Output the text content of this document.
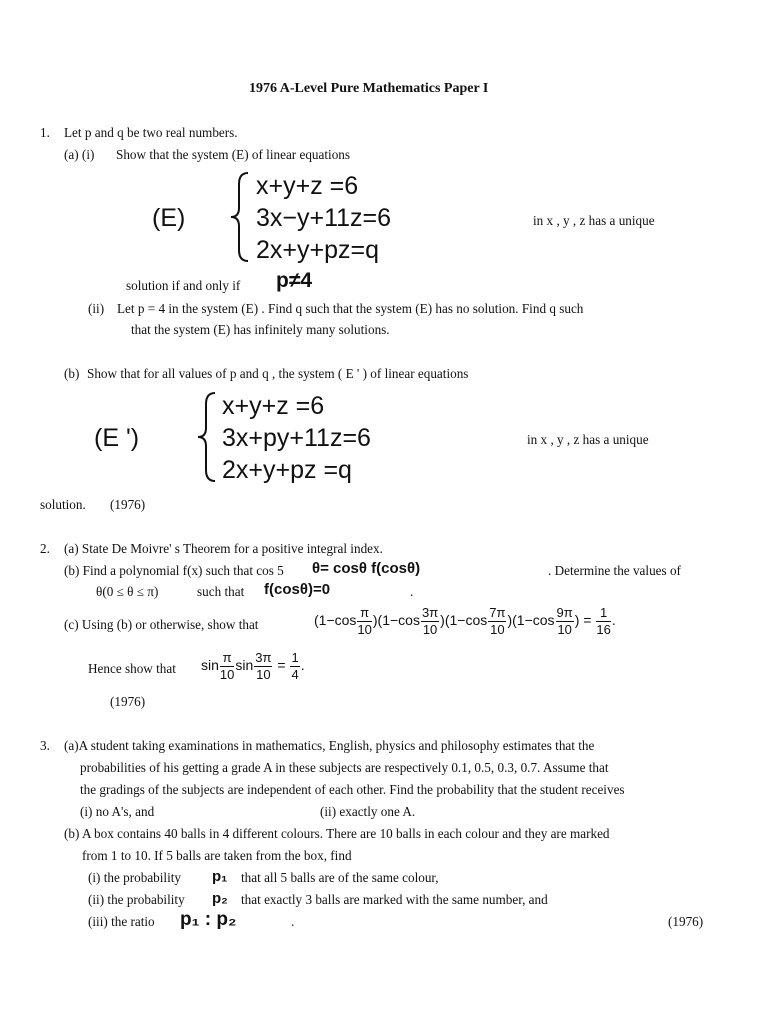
1976 A-Level Pure Mathematics Paper I
1. Let p and q be two real numbers.
(a) (i) Show that the system (E) of linear equations
(E)
x+y+z =6
3x−y+11z=6
2x+y+pz=q
in x , y , z has a unique
solution if and only if p≠4
(ii) Let p = 4 in the system (E) . Find q such that the system (E) has no solution. Find q such
that the system (E) has infinitely many solutions.
(b) Show that for all values of p and q , the system ( E ' ) of linear equations
(E ')
x+y+z =6
3x+py+11z=6
2x+y+pz =q
in x , y , z has a unique
solution. (1976)
2. (a) State De Moivre' s Theorem for a positive integral index.
(b) Find a polynomial f(x) such that cos 5 θ= cosθ f(cosθ)	. Determine the values of
θ(0 ≤ θ ≤ π)	such that f(cosθ)=0	.
(c) Using (b) or otherwise, show that	$(1-\cos \frac{\pi}{10} )(1-\cos \frac{3\pi}{10} )(1-\cos \frac{7\pi}{10} )(1-\cos \frac{9\pi}{10}$ ) = $\frac{1}{16}$ .
Hence show that $\sin \frac{\pi}{10}$ $\sin \frac{3\pi}{10} = \frac{1}{4}$ .
(1976)
3. (a)A student taking examinations in mathematics, English, physics and philosophy estimates that the
probabilities of his getting a grade A in these subjects are respectively 0.1, 0.5, 0.3, 0.7. Assume that
the gradings of the subjects are independent of each other. Find the probability that the student receives
(i) no A's, and	(ii) exactly one A.
(b) A box contains 40 balls in 4 different colours. There are 10 balls in each colour and they are marked
from 1 to 10. If 5 balls are taken from the box, find
(i) the probability p₁ that all 5 balls are of the same colour,
(ii) the probability p₂ that exactly 3 balls are marked with the same number, and
(iii) the ratio p₁ : p₂	.	(1976)
